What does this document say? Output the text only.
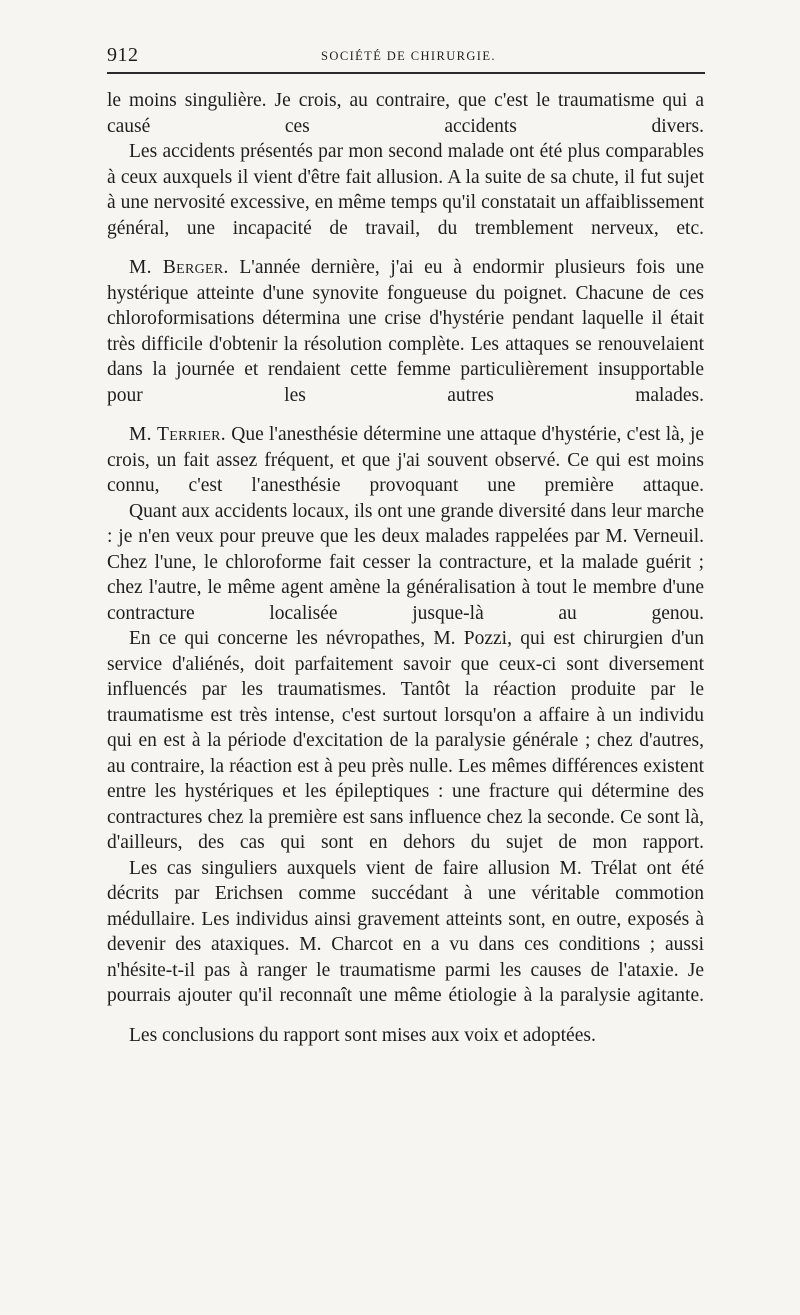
912	SOCIÉTÉ DE CHIRURGIE.

le moins singulière. Je crois, au contraire, que c'est le traumatisme qui a causé ces accidents divers.

Les accidents présentés par mon second malade ont été plus comparables à ceux auxquels il vient d'être fait allusion. A la suite de sa chute, il fut sujet à une nervosité excessive, en même temps qu'il constatait un affaiblissement général, une incapacité de travail, du tremblement nerveux, etc.

M. Berger. L'année dernière, j'ai eu à endormir plusieurs fois une hystérique atteinte d'une synovite fongueuse du poignet. Chacune de ces chloroformisations détermina une crise d'hystérie pendant laquelle il était très difficile d'obtenir la résolution complète. Les attaques se renouvelaient dans la journée et rendaient cette femme particulièrement insupportable pour les autres malades.

M. Terrier. Que l'anesthésie détermine une attaque d'hystérie, c'est là, je crois, un fait assez fréquent, et que j'ai souvent observé. Ce qui est moins connu, c'est l'anesthésie provoquant une première attaque.

Quant aux accidents locaux, ils ont une grande diversité dans leur marche : je n'en veux pour preuve que les deux malades rappelées par M. Verneuil. Chez l'une, le chloroforme fait cesser la contracture, et la malade guérit ; chez l'autre, le même agent amène la généralisation à tout le membre d'une contracture localisée jusque-là au genou.

En ce qui concerne les névropathes, M. Pozzi, qui est chirurgien d'un service d'aliénés, doit parfaitement savoir que ceux-ci sont diversement influencés par les traumatismes. Tantôt la réaction produite par le traumatisme est très intense, c'est surtout lorsqu'on a affaire à un individu qui en est à la période d'excitation de la paralysie générale ; chez d'autres, au contraire, la réaction est à peu près nulle. Les mêmes différences existent entre les hystériques et les épileptiques : une fracture qui détermine des contractures chez la première est sans influence chez la seconde. Ce sont là, d'ailleurs, des cas qui sont en dehors du sujet de mon rapport.

Les cas singuliers auxquels vient de faire allusion M. Trélat ont été décrits par Erichsen comme succédant à une véritable commotion médullaire. Les individus ainsi gravement atteints sont, en outre, exposés à devenir des ataxiques. M. Charcot en a vu dans ces conditions ; aussi n'hésite-t-il pas à ranger le traumatisme parmi les causes de l'ataxie. Je pourrais ajouter qu'il reconnaît une même étiologie à la paralysie agitante.

Les conclusions du rapport sont mises aux voix et adoptées.
